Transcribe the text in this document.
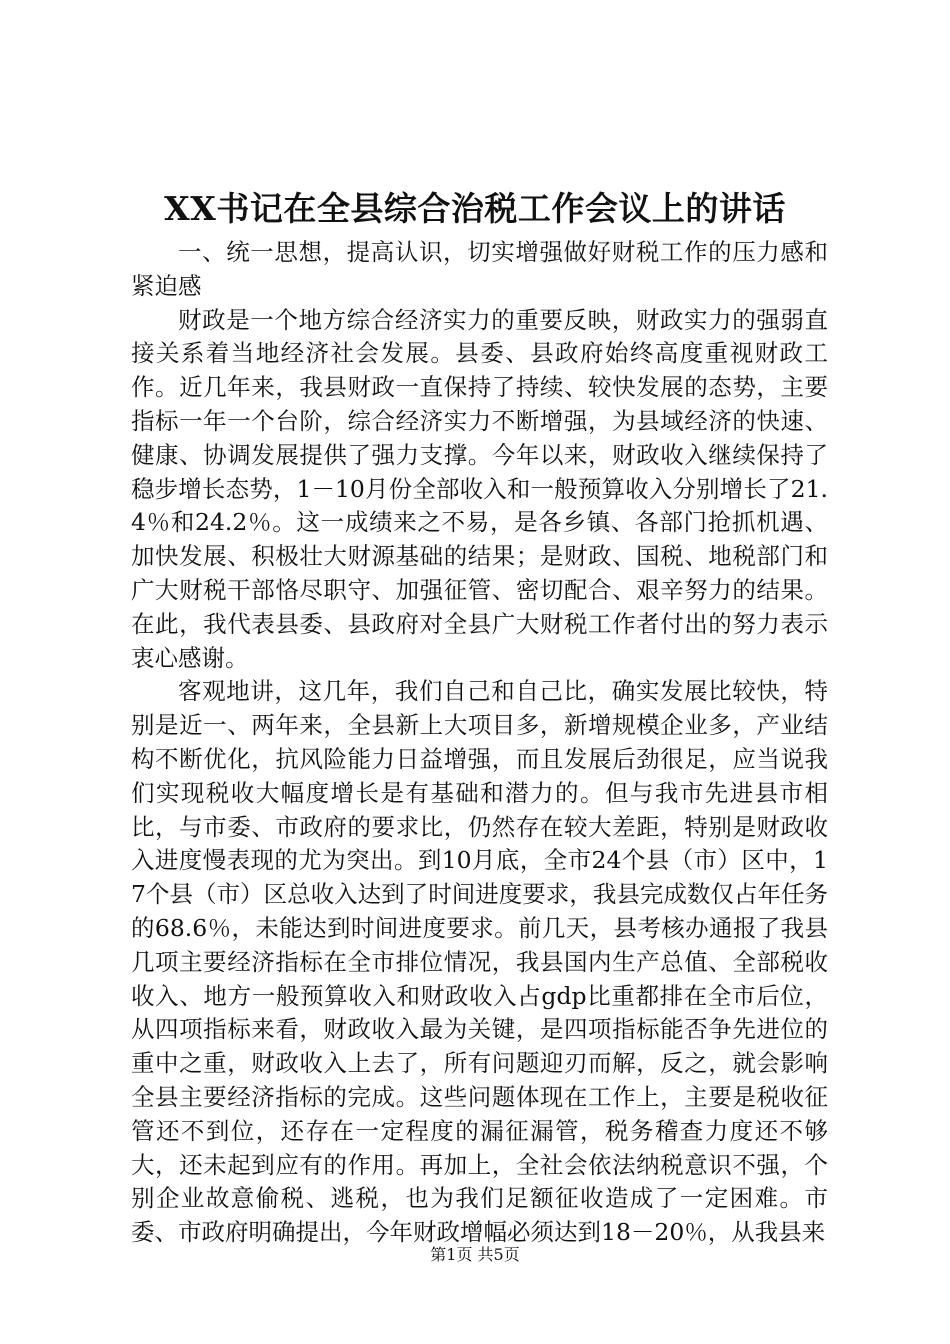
XX书记在全县综合治税工作会议上的讲话

一、统一思想，提高认识，切实增强做好财税工作的压力感和紧迫感

财政是一个地方综合经济实力的重要反映，财政实力的强弱直接关系着当地经济社会发展。县委、县政府始终高度重视财政工作。近几年来，我县财政一直保持了持续、较快发展的态势，主要指标一年一个台阶，综合经济实力不断增强，为县域经济的快速、健康、协调发展提供了强力支撑。今年以来，财政收入继续保持了稳步增长态势，1－10月份全部收入和一般预算收入分别增长了21.4％和24.2％。这一成绩来之不易，是各乡镇、各部门抢抓机遇、加快发展、积极壮大财源基础的结果；是财政、国税、地税部门和广大财税干部恪尽职守、加强征管、密切配合、艰辛努力的结果。在此，我代表县委、县政府对全县广大财税工作者付出的努力表示衷心感谢。

客观地讲，这几年，我们自己和自己比，确实发展比较快，特别是近一、两年来，全县新上大项目多，新增规模企业多，产业结构不断优化，抗风险能力日益增强，而且发展后劲很足，应当说我们实现税收大幅度增长是有基础和潜力的。但与我市先进县市相比，与市委、市政府的要求比，仍然存在较大差距，特别是财政收入进度慢表现的尤为突出。到10月底，全市24个县（市）区中，17个县（市）区总收入达到了时间进度要求，我县完成数仅占年任务的68.6％，未能达到时间进度要求。前几天，县考核办通报了我县几项主要经济指标在全市排位情况，我县国内生产总值、全部税收收入、地方一般预算收入和财政收入占gdp比重都排在全市后位，从四项指标来看，财政收入最为关键，是四项指标能否争先进位的重中之重，财政收入上去了，所有问题迎刃而解，反之，就会影响全县主要经济指标的完成。这些问题体现在工作上，主要是税收征管还不到位，还存在一定程度的漏征漏管，税务稽查力度还不够大，还未起到应有的作用。再加上，全社会依法纳税意识不强，个别企业故意偷税、逃税，也为我们足额征收造成了一定困难。市委、市政府明确提出，今年财政增幅必须达到18－20％，从我县来

第1页 共5页
